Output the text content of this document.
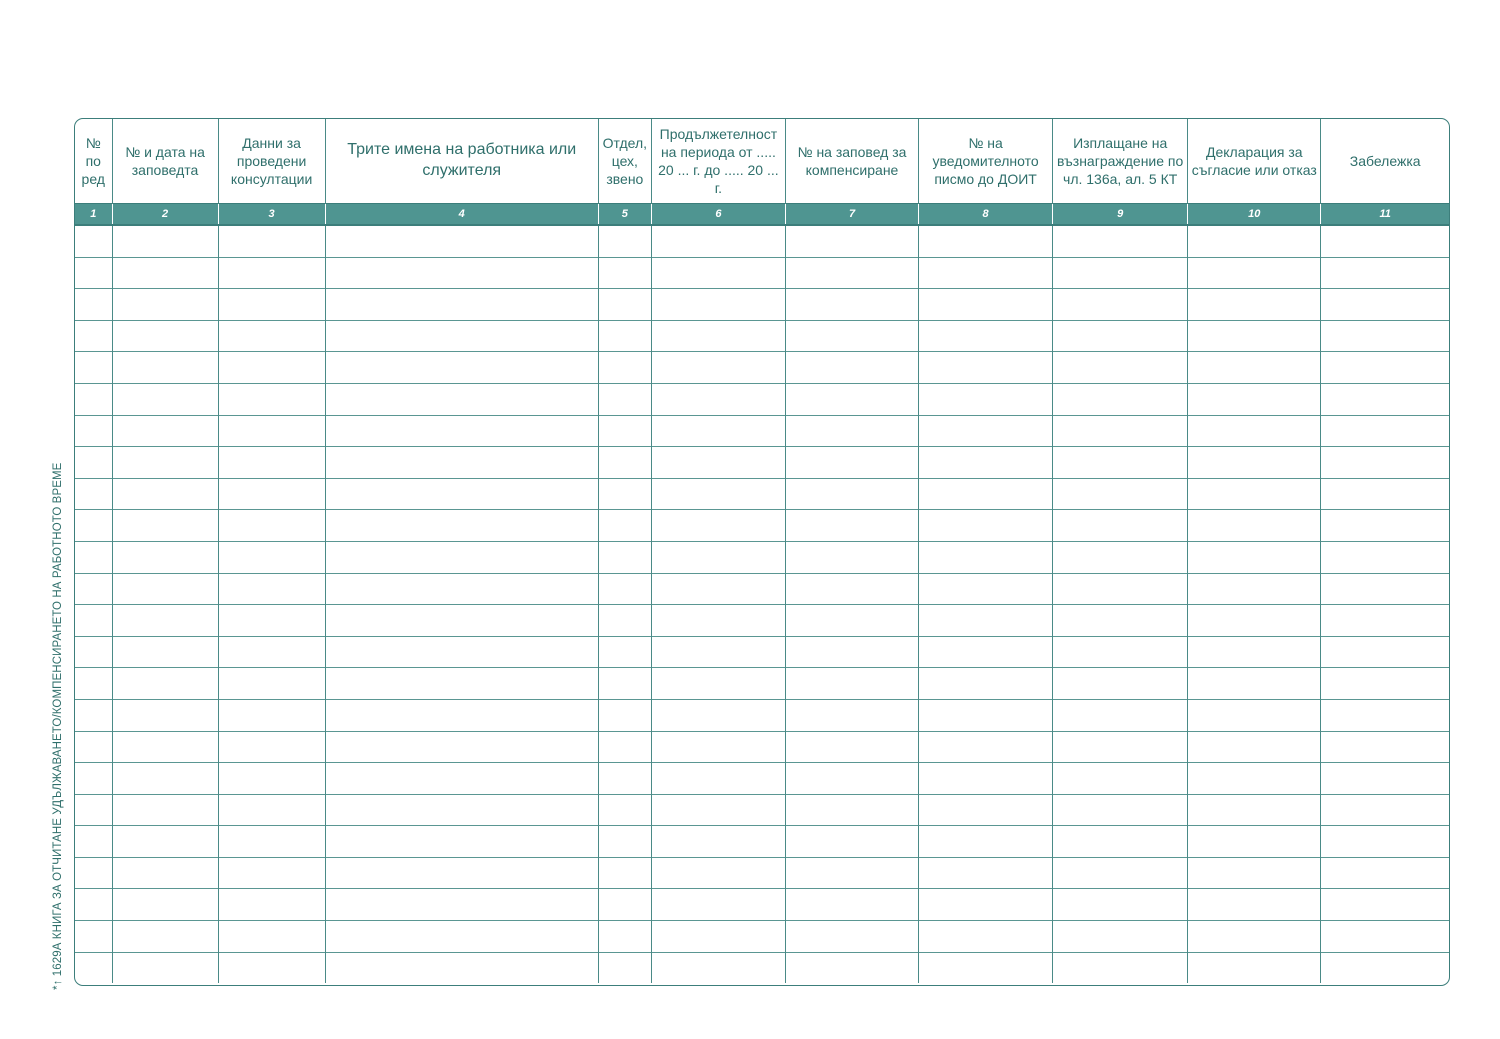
№ по ред	№ и дата на заповедта	Данни за проведени консултации	Трите имена на работника или служителя	Отдел, цех, звено	Продължетелност на периода от ..... 20 ... г. до ..... 20 ... г.	№ на заповед за компенсиране	№ на уведомителното писмо до ДОИТ	Изплащане на възнаграждение по чл. 136а, ал. 5 КТ	Декларация за съгласие или отказ	Забележка
1	2	3	4	5	6	7	8	9	10	11

*↑ 1629А КНИГА ЗА ОТЧИТАНЕ УДЪЛЖАВАНЕТО/КОМПЕНСИРАНЕТО НА РАБОТНОТО ВРЕМЕ
